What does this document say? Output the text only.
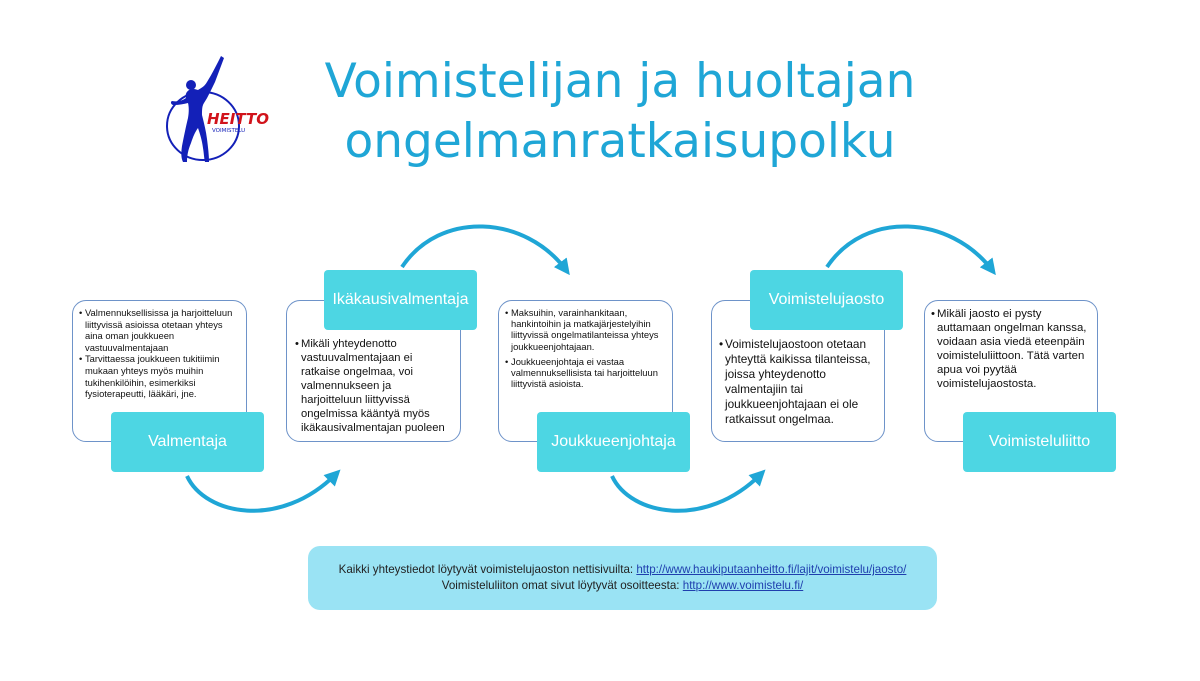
Voimistelijan ja huoltajan
ongelmanratkaisupolku
HEITTO
VOIMISTELU
• Valmennuksellisissa ja harjoitteluun liittyvissä asioissa otetaan yhteys aina oman joukkueen vastuuvalmentajaan
• Tarvittaessa joukkueen tukitiimin mukaan yhteys myös muihin tukihenkilöihin, esimerkiksi fysioterapeutti, lääkäri, jne.
• Mikäli yhteydenotto vastuuvalmentajaan ei ratkaise ongelmaa, voi valmennukseen ja harjoitteluun liittyvissä ongelmissa kääntyä myös ikäkausivalmentajan puoleen
• Maksuihin, varainhankitaan, hankintoihin ja matkajärjestelyihin liittyvissä ongelmatilanteissa yhteys joukkueenjohtajaan.
• Joukkueenjohtaja ei vastaa valmennuksellisista tai harjoitteluun liittyvistä asioista.
• Voimistelujaostoon otetaan yhteyttä kaikissa tilanteissa, joissa yhteydenotto valmentajiin tai joukkueenjohtajaan ei ole ratkaissut ongelmaa.
• Mikäli jaosto ei pysty auttamaan ongelman kanssa, voidaan asia viedä eteenpäin voimisteluliittoon. Tätä varten apua voi pyytää voimistelujaostosta.
Valmentaja
Ikäkausivalmentaja
Joukkueenjohtaja
Voimistelujaosto
Voimisteluliitto
Kaikki yhteystiedot löytyvät voimistelujaoston nettisivuilta: http://www.haukiputaanheitto.fi/lajit/voimistelu/jaosto/
Voimisteluliiton omat sivut löytyvät osoitteesta: http://www.voimistelu.fi/
